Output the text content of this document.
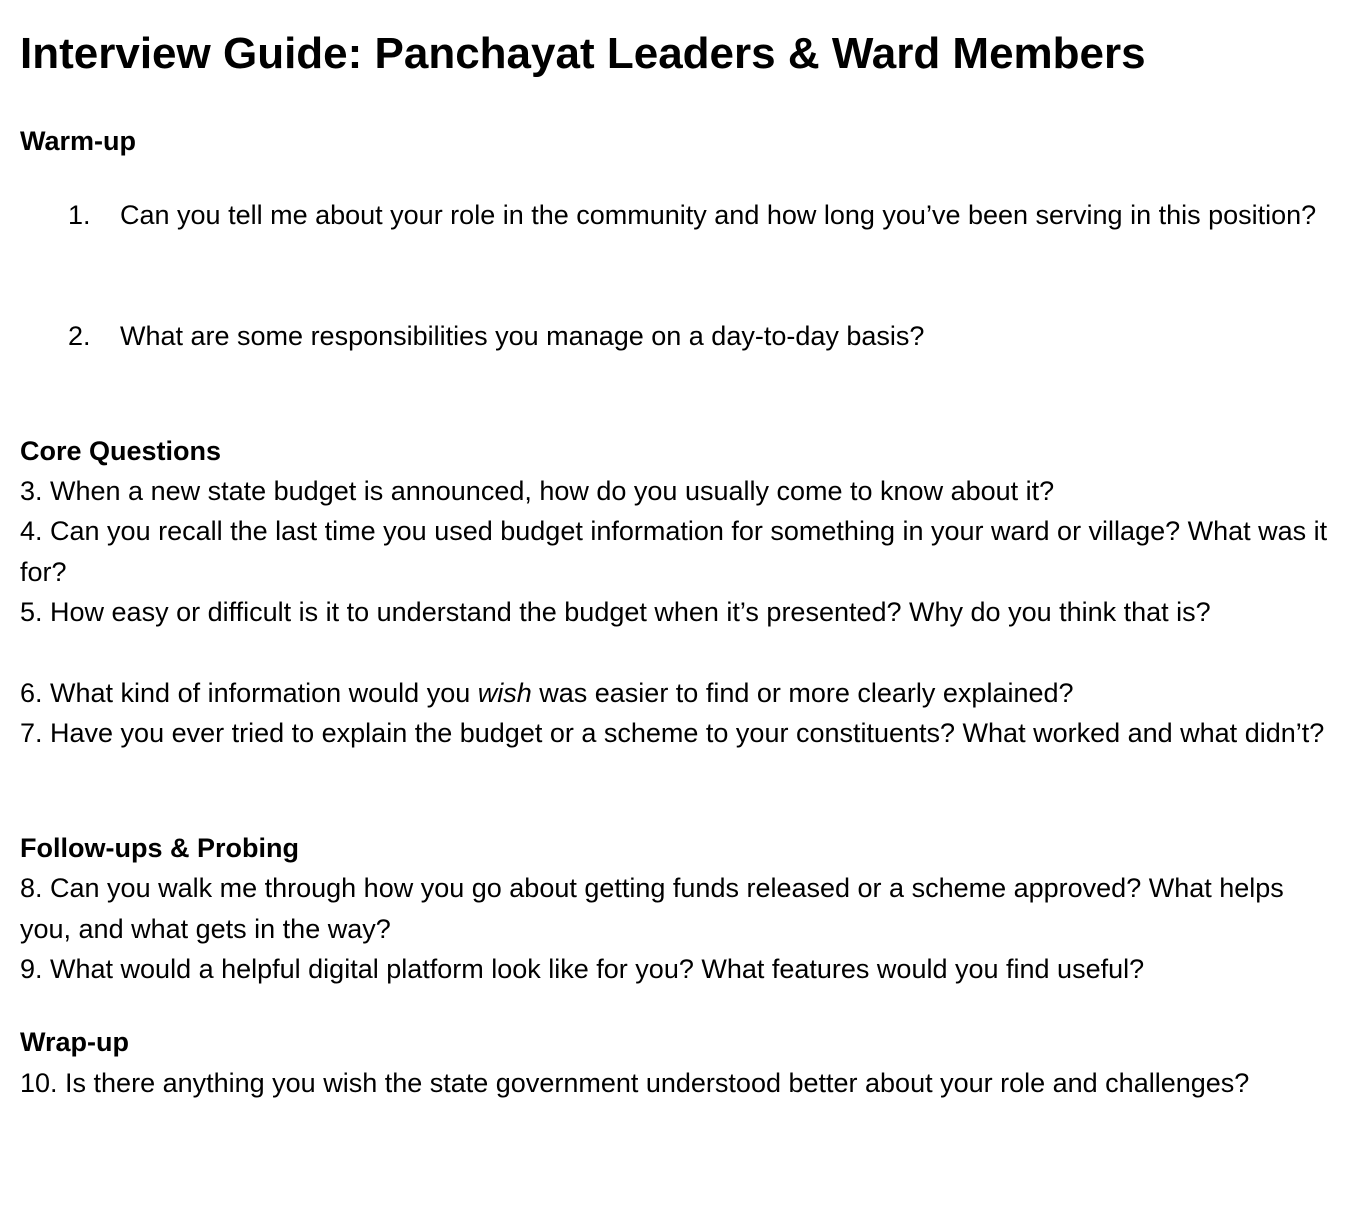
Interview Guide: Panchayat Leaders & Ward Members
Warm-up
1. Can you tell me about your role in the community and how long you’ve been serving in this position?
2. What are some responsibilities you manage on a day-to-day basis?
Core Questions
3. When a new state budget is announced, how do you usually come to know about it?
4. Can you recall the last time you used budget information for something in your ward or village? What was it for?
5. How easy or difficult is it to understand the budget when it’s presented? Why do you think that is?
6. What kind of information would you wish was easier to find or more clearly explained?
7. Have you ever tried to explain the budget or a scheme to your constituents? What worked and what didn’t?
Follow-ups & Probing
8. Can you walk me through how you go about getting funds released or a scheme approved? What helps you, and what gets in the way?
9. What would a helpful digital platform look like for you? What features would you find useful?
Wrap-up
10. Is there anything you wish the state government understood better about your role and challenges?
